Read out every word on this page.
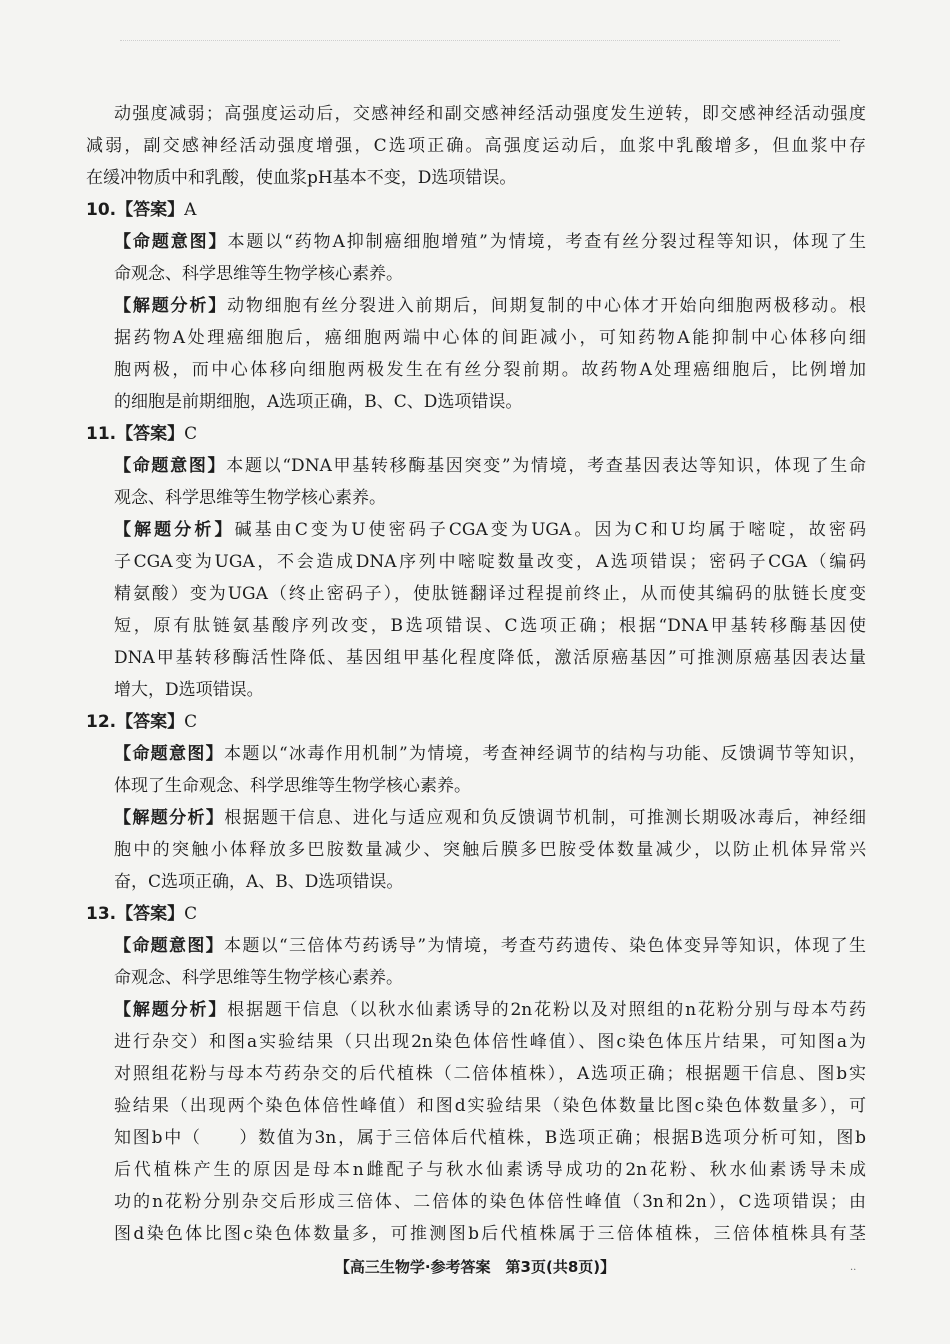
动强度减弱；高强度运动后，交感神经和副交感神经活动强度发生逆转，即交感神经活动强度
减弱，副交感神经活动强度增强，C选项正确。高强度运动后，血浆中乳酸增多，但血浆中存
在缓冲物质中和乳酸，使血浆pH基本不变，D选项错误。
10.【答案】A
【命题意图】本题以“药物A抑制癌细胞增殖”为情境，考查有丝分裂过程等知识，体现了生
命观念、科学思维等生物学核心素养。
【解题分析】动物细胞有丝分裂进入前期后，间期复制的中心体才开始向细胞两极移动。根
据药物A处理癌细胞后，癌细胞两端中心体的间距减小，可知药物A能抑制中心体移向细
胞两极，而中心体移向细胞两极发生在有丝分裂前期。故药物A处理癌细胞后，比例增加
的细胞是前期细胞，A选项正确，B、C、D选项错误。
11.【答案】C
【命题意图】本题以“DNA甲基转移酶基因突变”为情境，考查基因表达等知识，体现了生命
观念、科学思维等生物学核心素养。
【解题分析】碱基由C变为U使密码子CGA变为UGA。因为C和U均属于嘧啶，故密码
子CGA变为UGA，不会造成DNA序列中嘧啶数量改变，A选项错误；密码子CGA（编码
精氨酸）变为UGA（终止密码子），使肽链翻译过程提前终止，从而使其编码的肽链长度变
短，原有肽链氨基酸序列改变，B选项错误、C选项正确；根据“DNA甲基转移酶基因使
DNA甲基转移酶活性降低、基因组甲基化程度降低，激活原癌基因”可推测原癌基因表达量
增大，D选项错误。
12.【答案】C
【命题意图】本题以“冰毒作用机制”为情境，考查神经调节的结构与功能、反馈调节等知识，
体现了生命观念、科学思维等生物学核心素养。
【解题分析】根据题干信息、进化与适应观和负反馈调节机制，可推测长期吸冰毒后，神经细
胞中的突触小体释放多巴胺数量减少、突触后膜多巴胺受体数量减少，以防止机体异常兴
奋，C选项正确，A、B、D选项错误。
13.【答案】C
【命题意图】本题以“三倍体芍药诱导”为情境，考查芍药遗传、染色体变异等知识，体现了生
命观念、科学思维等生物学核心素养。
【解题分析】根据题干信息（以秋水仙素诱导的2n花粉以及对照组的n花粉分别与母本芍药
进行杂交）和图a实验结果（只出现2n染色体倍性峰值）、图c染色体压片结果，可知图a为
对照组花粉与母本芍药杂交的后代植株（二倍体植株），A选项正确；根据题干信息、图b实
验结果（出现两个染色体倍性峰值）和图d实验结果（染色体数量比图c染色体数量多），可
知图b中（　　）数值为3n，属于三倍体后代植株，B选项正确；根据B选项分析可知，图b
后代植株产生的原因是母本n雌配子与秋水仙素诱导成功的2n花粉、秋水仙素诱导未成
功的n花粉分别杂交后形成三倍体、二倍体的染色体倍性峰值（3n和2n），C选项错误；由
图d染色体比图c染色体数量多，可推测图b后代植株属于三倍体植株，三倍体植株具有茎
【高三生物学·参考答案　第3页(共8页)】	..
